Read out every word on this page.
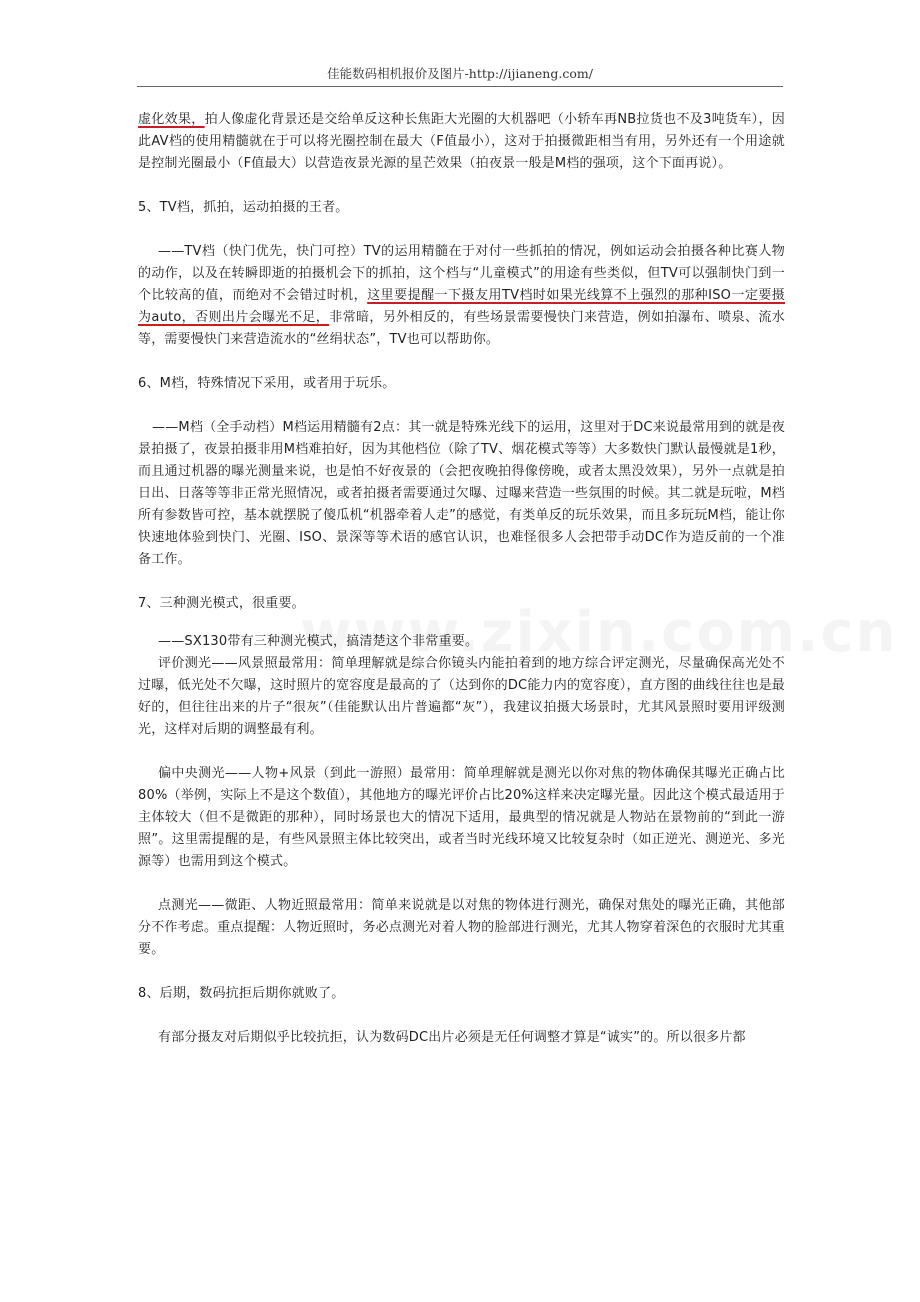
佳能数码相机报价及图片-http://ijianeng.com/

虚化效果，拍人像虚化背景还是交给单反这种长焦距大光圈的大机器吧（小轿车再NB拉货也不及3吨货车），因此AV档的使用精髓就在于可以将光圈控制在最大（F值最小），这对于拍摄微距相当有用，另外还有一个用途就是控制光圈最小（F值最大）以营造夜景光源的星芒效果（拍夜景一般是M档的强项，这个下面再说）。

5、TV档，抓拍，运动拍摄的王者。

——TV档（快门优先，快门可控）TV的运用精髓在于对付一些抓拍的情况，例如运动会拍摄各种比赛人物的动作，以及在转瞬即逝的拍摄机会下的抓拍，这个档与“儿童模式”的用途有些类似，但TV可以强制快门到一个比较高的值，而绝对不会错过时机，这里要提醒一下摄友用TV档时如果光线算不上强烈的那种ISO一定要摄为auto，否则出片会曝光不足，非常暗，另外相反的，有些场景需要慢快门来营造，例如拍瀑布、喷泉、流水等，需要慢快门来营造流水的“丝绢状态”，TV也可以帮助你。

6、M档，特殊情况下采用，或者用于玩乐。

——M档（全手动档）M档运用精髓有2点：其一就是特殊光线下的运用，这里对于DC来说最常用到的就是夜景拍摄了，夜景拍摄非用M档难拍好，因为其他档位（除了TV、烟花模式等等）大多数快门默认最慢就是1秒，而且通过机器的曝光测量来说，也是怕不好夜景的（会把夜晚拍得像傍晚，或者太黑没效果），另外一点就是拍日出、日落等等非正常光照情况，或者拍摄者需要通过欠曝、过曝来营造一些氛围的时候。其二就是玩啦，M档所有参数皆可控，基本就摆脱了傻瓜机“机器牵着人走”的感觉，有类单反的玩乐效果，而且多玩玩M档，能让你快速地体验到快门、光圈、ISO、景深等等术语的感官认识，也难怪很多人会把带手动DC作为造反前的一个准备工作。

7、三种测光模式，很重要。

——SX130带有三种测光模式，搞清楚这个非常重要。

评价测光——风景照最常用：简单理解就是综合你镜头内能拍着到的地方综合评定测光，尽量确保高光处不过曝，低光处不欠曝，这时照片的宽容度是最高的了（达到你的DC能力内的宽容度），直方图的曲线往往也是最好的，但往往出来的片子“很灰”（佳能默认出片普遍都“灰”），我建议拍摄大场景时，尤其风景照时要用评级测光，这样对后期的调整最有利。

偏中央测光——人物+风景（到此一游照）最常用：简单理解就是测光以你对焦的物体确保其曝光正确占比80%（举例，实际上不是这个数值），其他地方的曝光评价占比20%这样来决定曝光量。因此这个模式最适用于主体较大（但不是微距的那种），同时场景也大的情况下适用，最典型的情况就是人物站在景物前的“到此一游照”。这里需提醒的是，有些风景照主体比较突出，或者当时光线环境又比较复杂时（如正逆光、测逆光、多光源等）也需用到这个模式。

点测光——微距、人物近照最常用：简单来说就是以对焦的物体进行测光，确保对焦处的曝光正确，其他部分不作考虑。重点提醒：人物近照时，务必点测光对着人物的脸部进行测光，尤其人物穿着深色的衣服时尤其重要。

8、后期，数码抗拒后期你就败了。

有部分摄友对后期似乎比较抗拒，认为数码DC出片必须是无任何调整才算是“诚实”的。所以很多片都
